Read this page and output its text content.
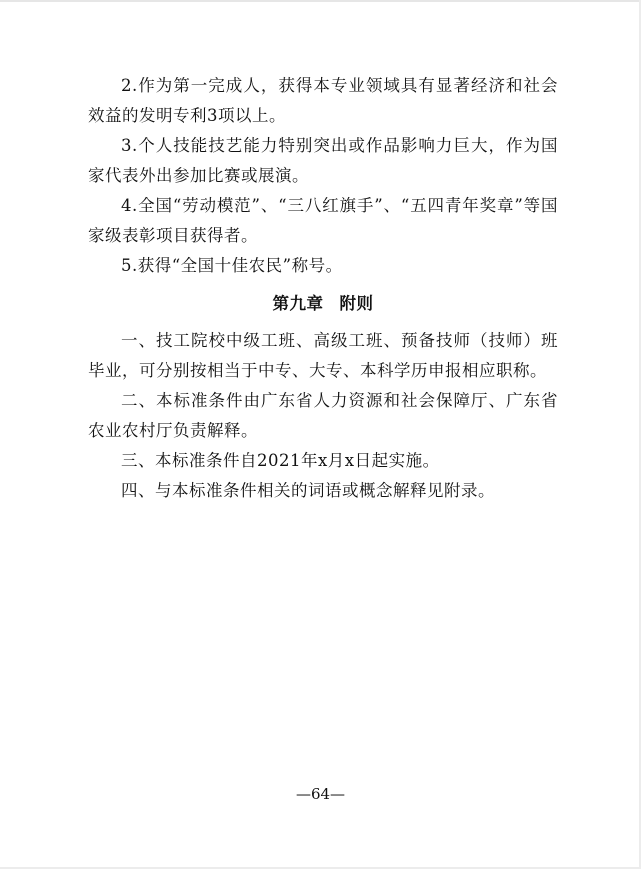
2.作为第一完成人，获得本专业领域具有显著经济和社会效益的发明专利3项以上。

3.个人技能技艺能力特别突出或作品影响力巨大，作为国家代表外出参加比赛或展演。

4.全国“劳动模范”、“三八红旗手”、“五四青年奖章”等国家级表彰项目获得者。

5.获得“全国十佳农民”称号。

第九章 附则

一、技工院校中级工班、高级工班、预备技师（技师）班毕业，可分别按相当于中专、大专、本科学历申报相应职称。

二、本标准条件由广东省人力资源和社会保障厅、广东省农业农村厅负责解释。

三、本标准条件自2021年x月x日起实施。

四、与本标准条件相关的词语或概念解释见附录。

—64—
